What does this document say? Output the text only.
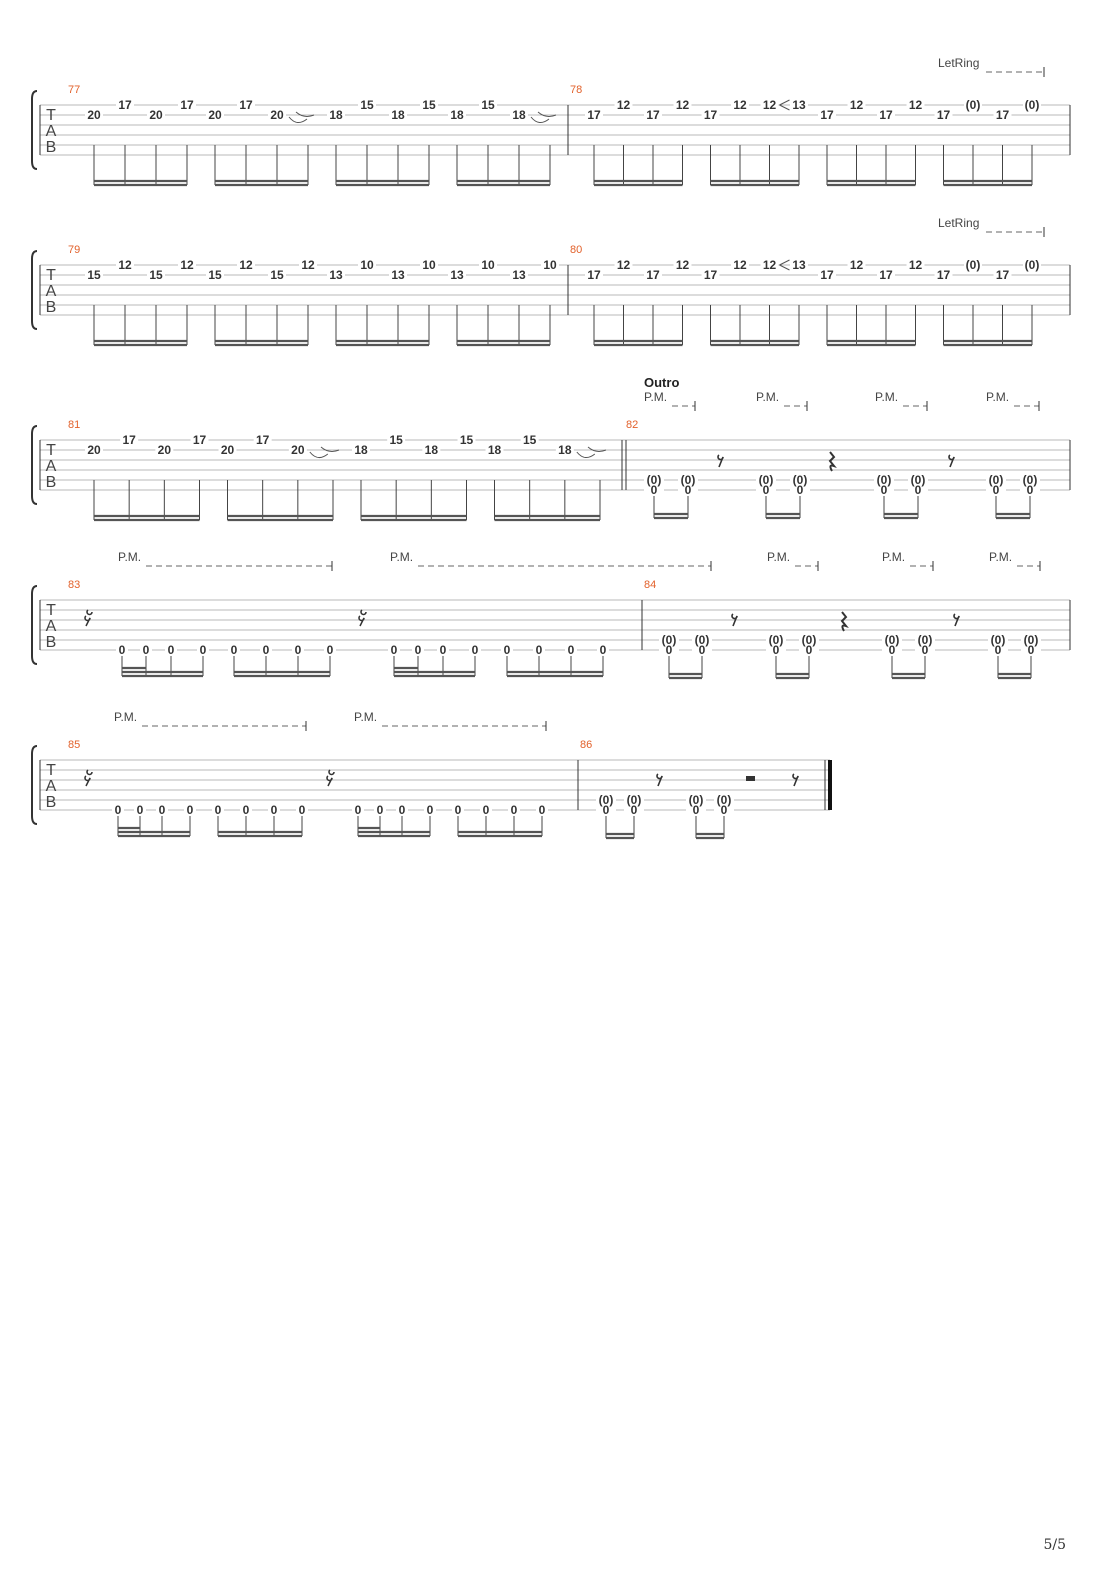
T
A
B
77
20
17
20
17
20
17
20	18
15
18
15
18
15
18
78
17
12
17
12
17
12 12 13
17
12
17
12
17
(0)
17
(0)
LetRing
T
A
B
79
15
12
15
12
15
12
15
12
13
10
13
10
13
10
13
10
80
17
12
17
12
17
12 12 13
17
12
17
12
17
(0)
17
(0)
LetRing
T
A
B
81
20
17
20
17
20
17
20	18
15
18
15
18
15
18
82
Outro
P.M.	P.M.	P.M.	P.M.
(0)
0
(0)
0
(0)
0
(0)
0
(0)
0
(0)
0
(0)
0
(0)
0
T
A
B
83	84
P.M.	P.M.	P.M.	P.M.	P.M.
0 0 0 0 0 0 0 0	0 0 0 0 0 0 0 0
(0)
0
(0)
0
(0)
0
(0)
0
(0)
0
(0)
0
(0)
0
(0)
0
T
A
B
85	86
P.M.	P.M.
0 0 0 0 0 0 0 0	0 0 0 0 0 0 0 0
(0)
0
(0)
0
(0)
0
(0)
0
5/5
